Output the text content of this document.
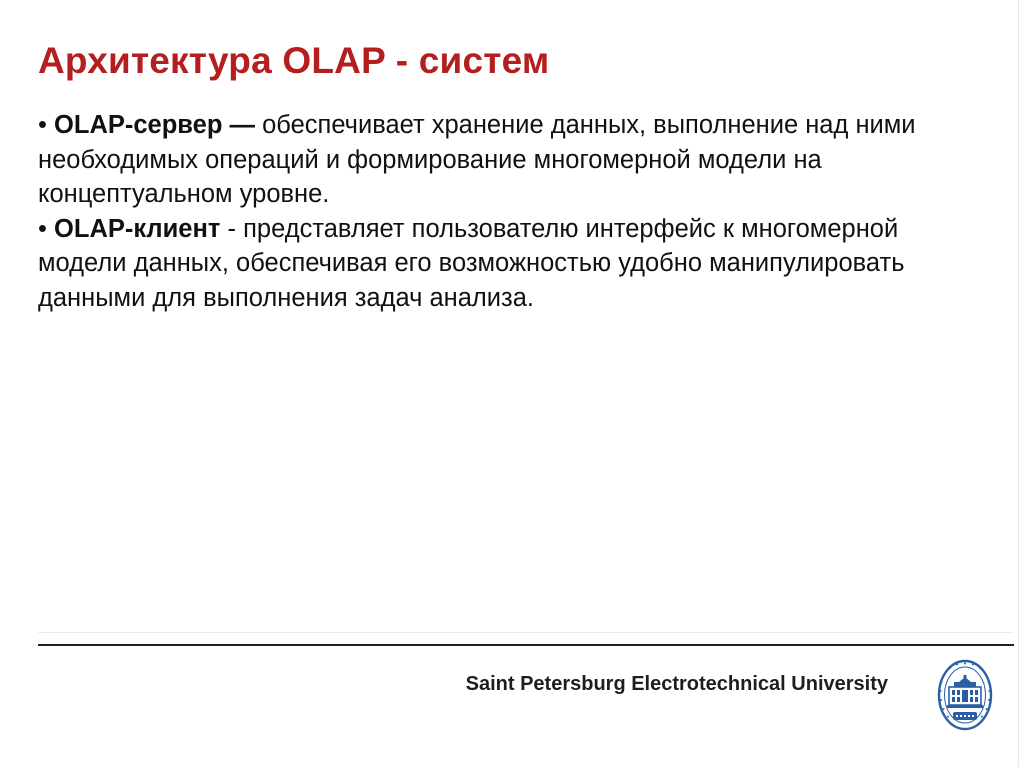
Архитектура OLAP - систем

• OLAP-сервер — обеспечивает хранение данных, выполнение над ними необходимых операций и формирование многомерной модели на концептуальном уровне.

• OLAP-клиент - представляет пользователю интерфейс к многомерной модели данных, обеспечивая его возможностью удобно манипулировать данными для выполнения задач анализа.

Saint Petersburg Electrotechnical University
